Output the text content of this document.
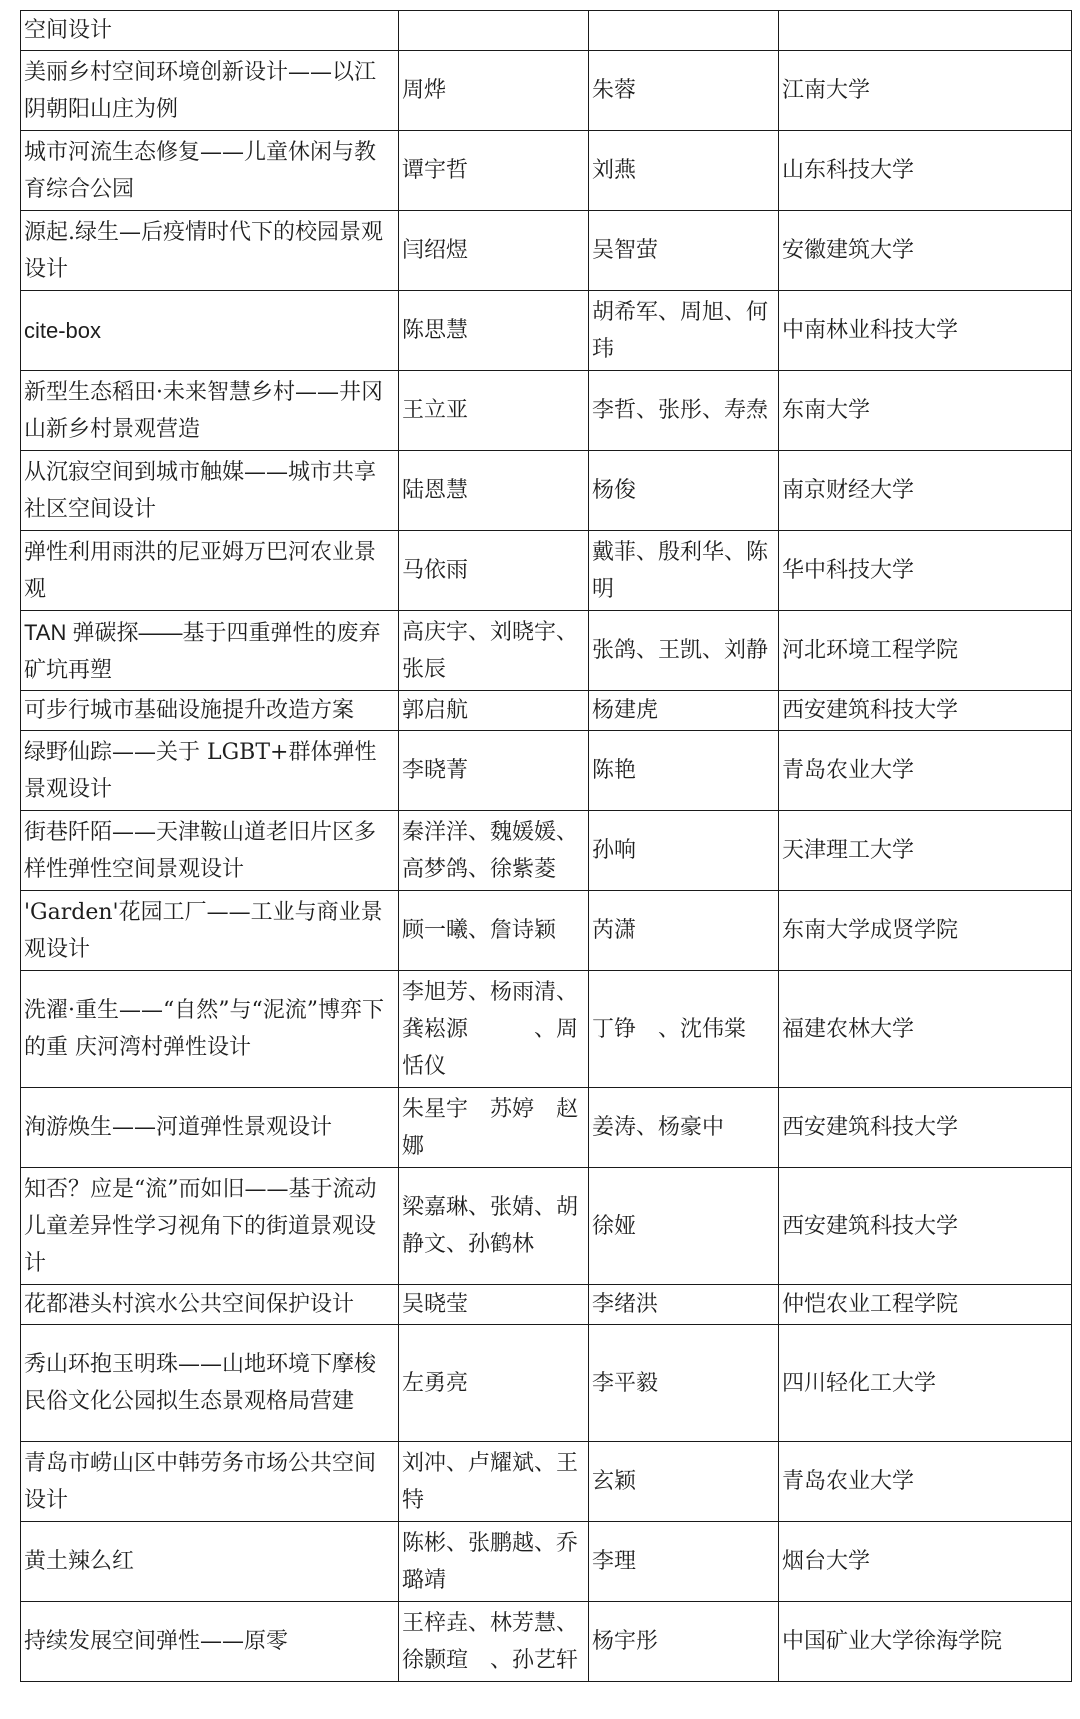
空间设计			
美丽乡村空间环境创新设计——以江阴朝阳山庄为例	周烨	朱蓉	江南大学
城市河流生态修复——儿童休闲与教育综合公园	谭宇哲	刘燕	山东科技大学
源起.绿生—后疫情时代下的校园景观设计	闫绍煜	吴智萤	安徽建筑大学
cite-box	陈思慧	胡希军、周旭、何玮	中南林业科技大学
新型生态稻田·未来智慧乡村——井冈山新乡村景观营造	王立亚	李哲、张彤、寿焘	东南大学
从沉寂空间到城市触媒——城市共享社区空间设计	陆恩慧	杨俊	南京财经大学
弹性利用雨洪的尼亚姆万巴河农业景观	马依雨	戴菲、殷利华、陈明	华中科技大学
TAN 弹碳探——基于四重弹性的废弃矿坑再塑	高庆宇、刘晓宇、张辰	张鸽、王凯、刘静	河北环境工程学院
可步行城市基础设施提升改造方案	郭启航	杨建虎	西安建筑科技大学
绿野仙踪——关于 LGBT+群体弹性景观设计	李晓菁	陈艳	青岛农业大学
街巷阡陌——天津鞍山道老旧片区多样性弹性空间景观设计	秦洋洋、魏媛媛、高梦鸽、徐紫菱	孙响	天津理工大学
'Garden'花园工厂——工业与商业景观设计	顾一曦、詹诗颖	芮潇	东南大学成贤学院
洗濯·重生——“自然”与“泥流”博弈下的重 庆河湾村弹性设计	李旭芳、杨雨清、龚崧源　　　、周恬仪	丁铮　、沈伟棠	福建农林大学
洵游焕生——河道弹性景观设计	朱星宇　苏婷　赵娜	姜涛、杨豪中	西安建筑科技大学
知否？应是“流”而如旧——基于流动儿童差异性学习视角下的街道景观设计	梁嘉琳、张婧、胡静文、孙鹤林	徐娅	西安建筑科技大学
花都港头村滨水公共空间保护设计	吴晓莹	李绪洪	仲恺农业工程学院
秀山环抱玉明珠——山地环境下摩梭民俗文化公园拟生态景观格局营建	左勇亮	李平毅	四川轻化工大学
青岛市崂山区中韩劳务市场公共空间设计	刘冲、卢耀斌、王特	玄颖	青岛农业大学
黄土辣么红	陈彬、张鹏越、乔璐靖	李理	烟台大学
持续发展空间弹性——原零	王梓垚、林芳慧、徐颢瑄　、孙艺轩	杨宇彤	中国矿业大学徐海学院
